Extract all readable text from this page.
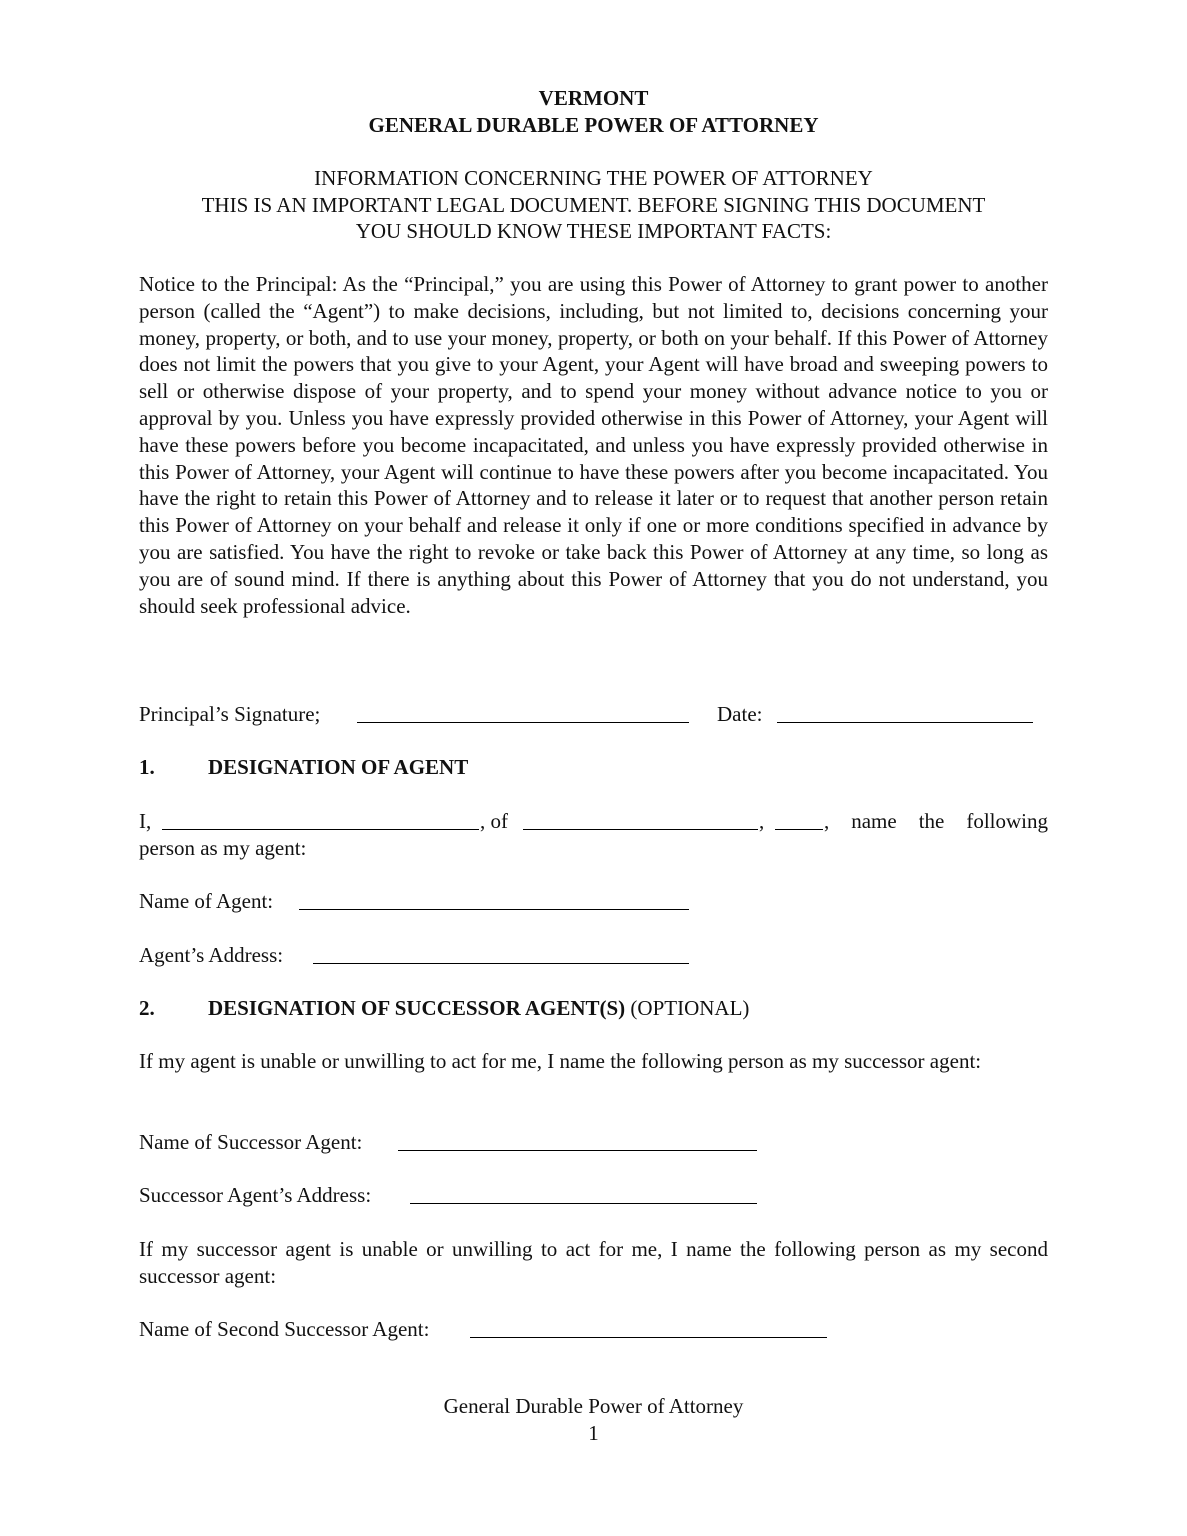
VERMONT
GENERAL DURABLE POWER OF ATTORNEY
INFORMATION CONCERNING THE POWER OF ATTORNEY
THIS IS AN IMPORTANT LEGAL DOCUMENT. BEFORE SIGNING THIS DOCUMENT
YOU SHOULD KNOW THESE IMPORTANT FACTS:
Notice to the Principal: As the “Principal,” you are using this Power of Attorney to grant power to another person (called the “Agent”) to make decisions, including, but not limited to, decisions concerning your money, property, or both, and to use your money, property, or both on your behalf. If this Power of Attorney does not limit the powers that you give to your Agent, your Agent will have broad and sweeping powers to sell or otherwise dispose of your property, and to spend your money without advance notice to you or approval by you. Unless you have expressly provided otherwise in this Power of Attorney, your Agent will have these powers before you become incapacitated, and unless you have expressly provided otherwise in this Power of Attorney, your Agent will continue to have these powers after you become incapacitated. You have the right to retain this Power of Attorney and to release it later or to request that another person retain this Power of Attorney on your behalf and release it only if one or more conditions specified in advance by you are satisfied. You have the right to revoke or take back this Power of Attorney at any time, so long as you are of sound mind. If there is anything about this Power of Attorney that you do not understand, you should seek professional advice.
Principal’s Signature;	Date:
1.	DESIGNATION OF AGENT
I,	, of	,	, name the following
person as my agent:
Name of Agent:
Agent’s Address:
2.	DESIGNATION OF SUCCESSOR AGENT(S) (OPTIONAL)
If my agent is unable or unwilling to act for me, I name the following person as my successor agent:
Name of Successor Agent:
Successor Agent’s Address:
If my successor agent is unable or unwilling to act for me, I name the following person as my second successor agent:
Name of Second Successor Agent:
General Durable Power of Attorney
1
